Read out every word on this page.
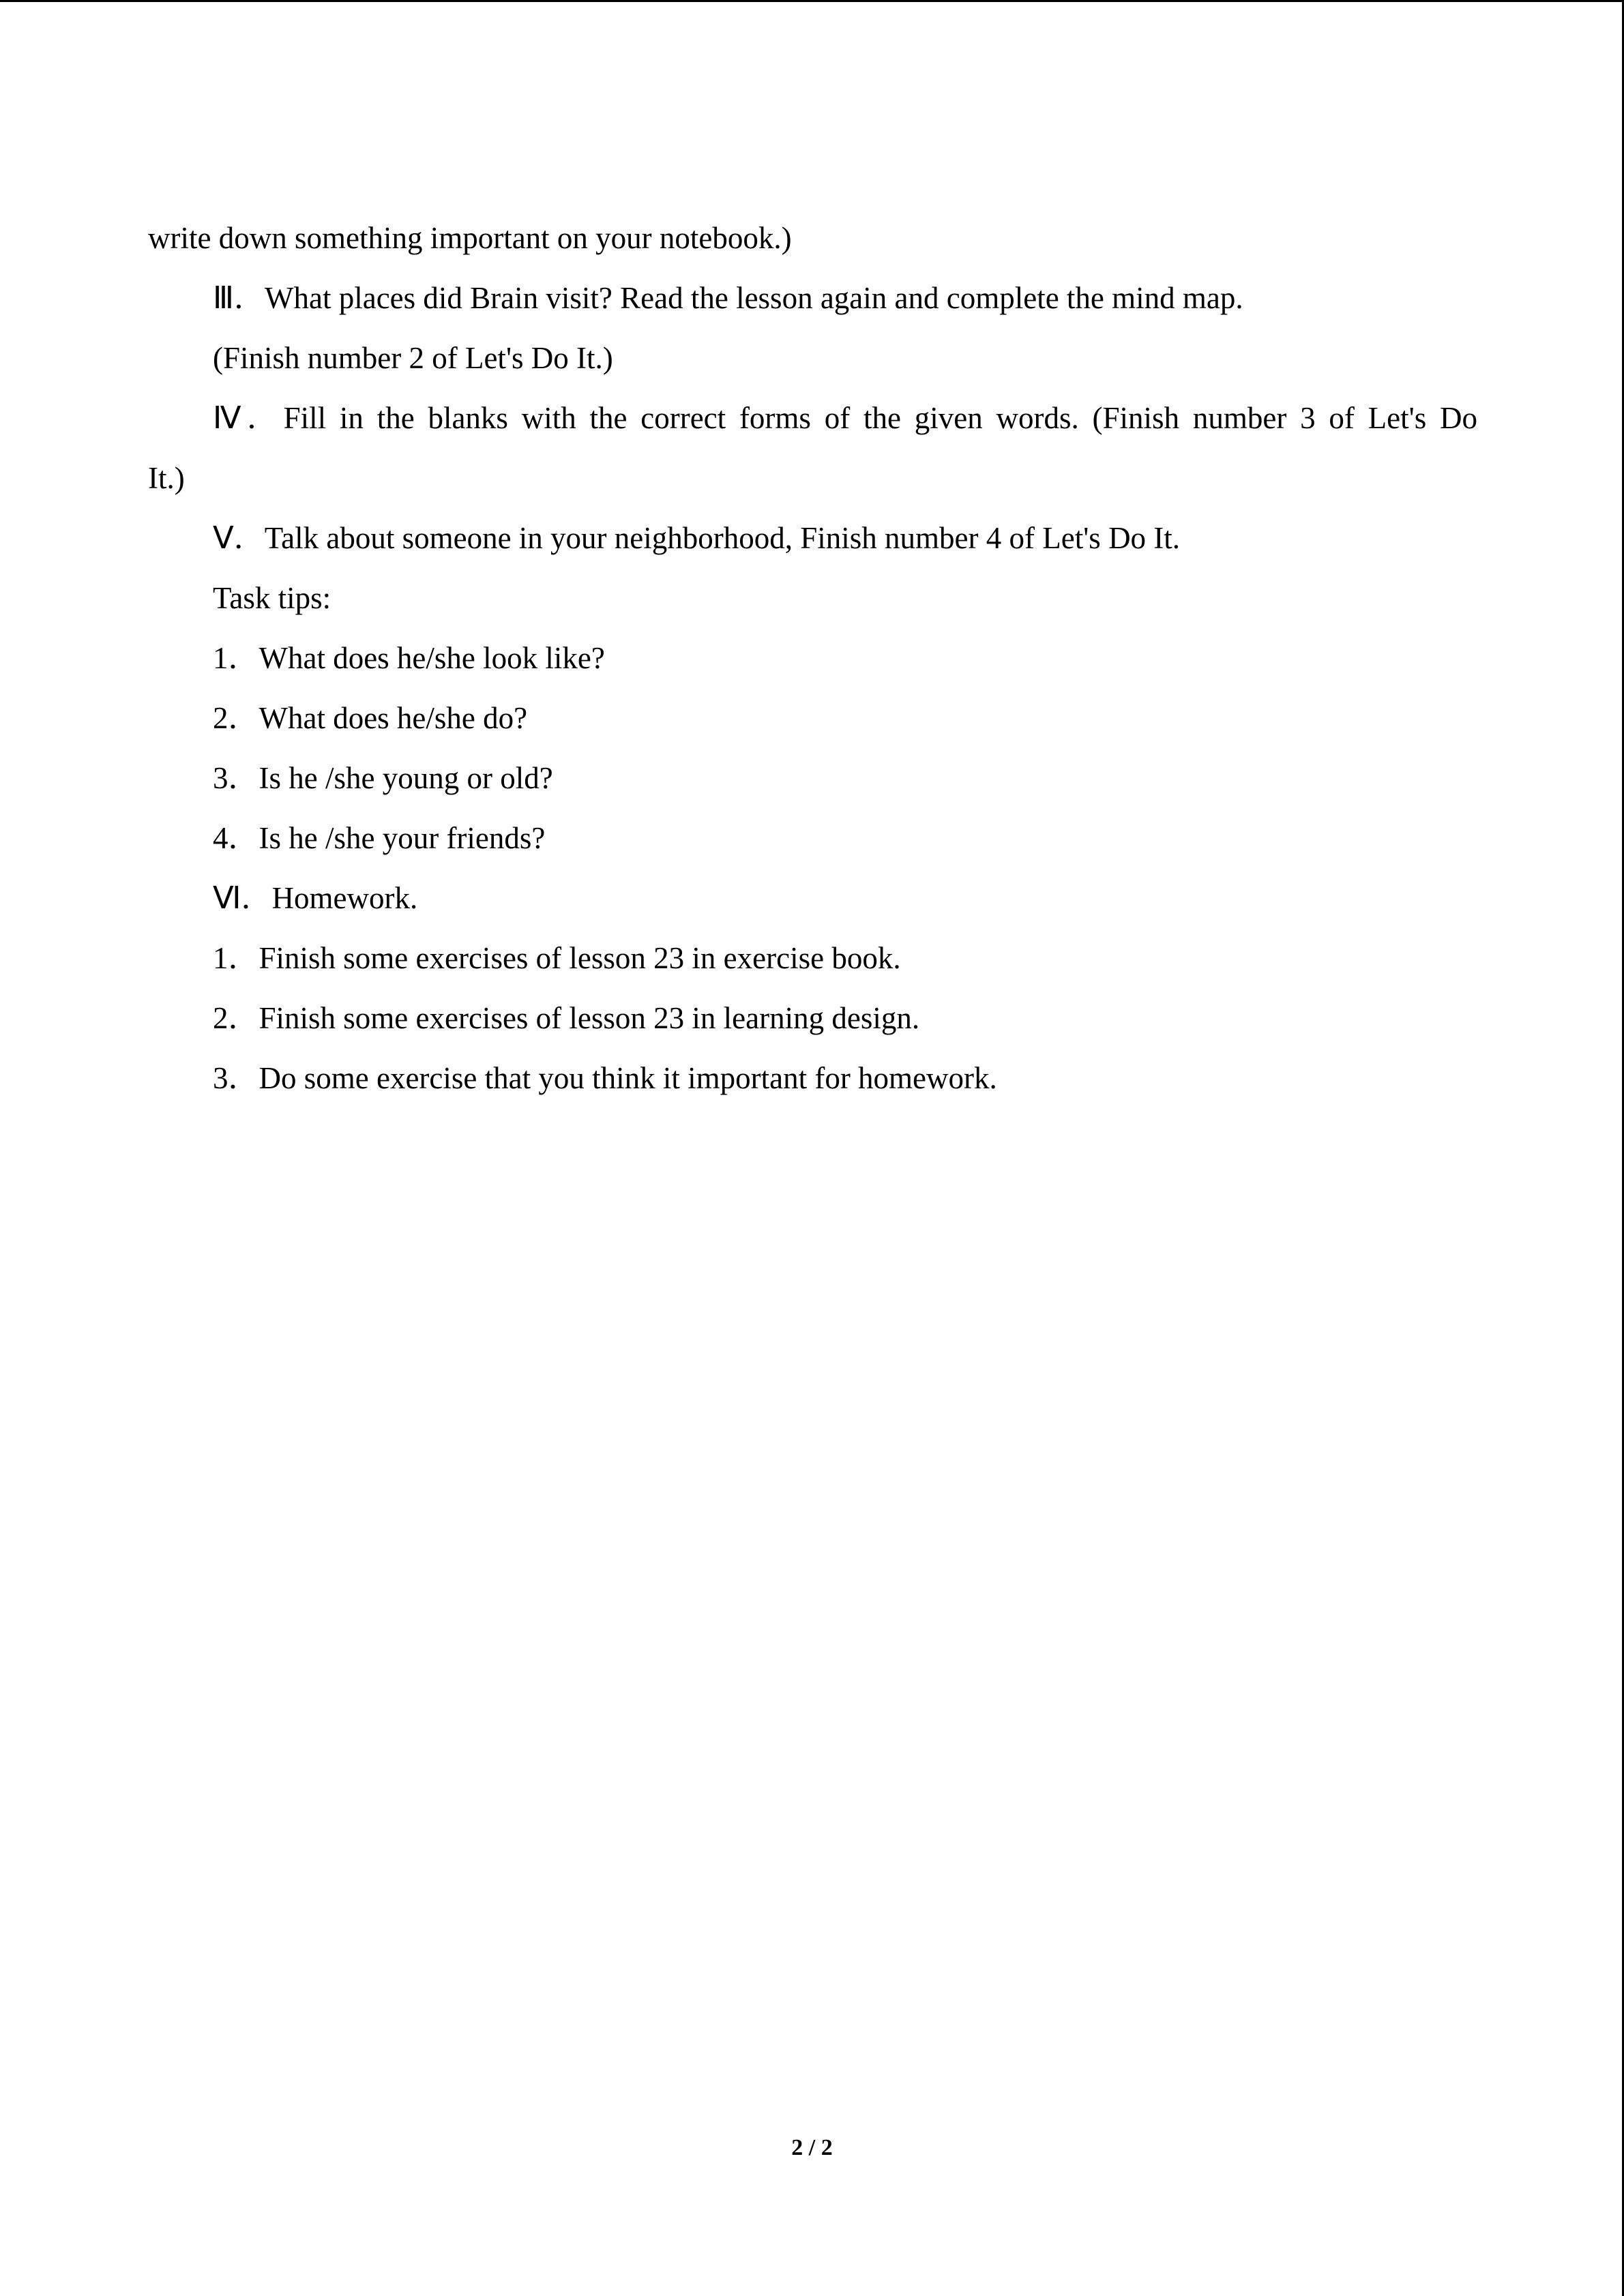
write down something important on your notebook.)
Ⅲ．What places did Brain visit? Read the lesson again and complete the mind map.
(Finish number 2 of Let's Do It.)
Ⅳ．Fill in the blanks with the correct forms of the given words. (Finish number 3 of Let's Do
It.)
Ⅴ．Talk about someone in your neighborhood, Finish number 4 of Let's Do It.
Task tips:
1．What does he/she look like?
2．What does he/she do?
3．Is he /she young or old?
4．Is he /she your friends?
Ⅵ．Homework.
1．Finish some exercises of lesson 23 in exercise book.
2．Finish some exercises of lesson 23 in learning design.
3．Do some exercise that you think it important for homework.
2 / 2
